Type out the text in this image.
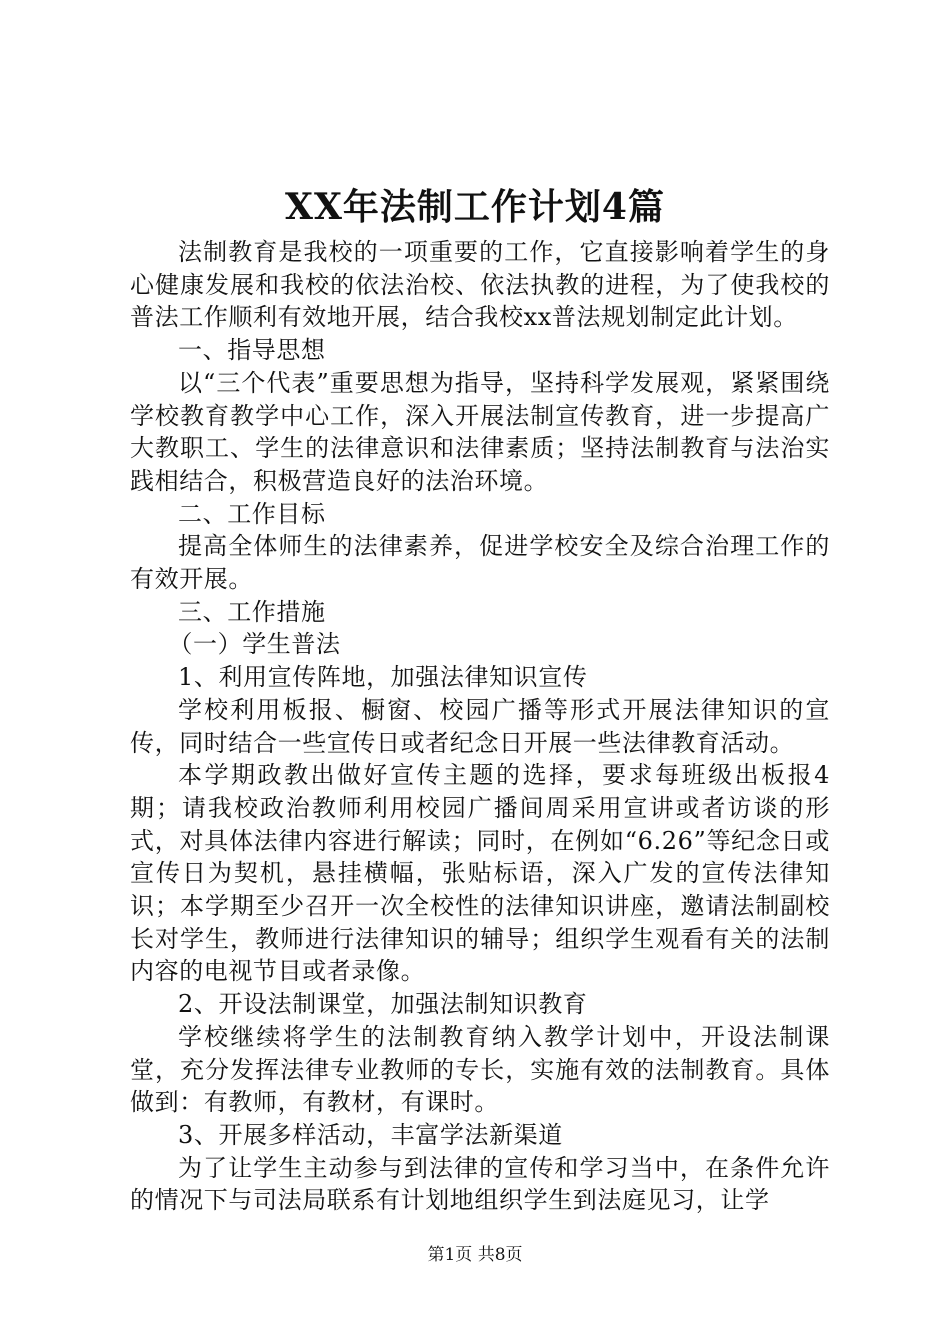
XX年法制工作计划4篇

法制教育是我校的一项重要的工作，它直接影响着学生的身心健康发展和我校的依法治校、依法执教的进程，为了使我校的普法工作顺利有效地开展，结合我校xx普法规划制定此计划。

一、指导思想

以“三个代表”重要思想为指导，坚持科学发展观，紧紧围绕学校教育教学中心工作，深入开展法制宣传教育，进一步提高广大教职工、学生的法律意识和法律素质；坚持法制教育与法治实践相结合，积极营造良好的法治环境。

二、工作目标

提高全体师生的法律素养，促进学校安全及综合治理工作的有效开展。

三、工作措施

（一）学生普法

1、利用宣传阵地，加强法律知识宣传

学校利用板报、橱窗、校园广播等形式开展法律知识的宣传，同时结合一些宣传日或者纪念日开展一些法律教育活动。

本学期政教出做好宣传主题的选择，要求每班级出板报4期；请我校政治教师利用校园广播间周采用宣讲或者访谈的形式，对具体法律内容进行解读；同时，在例如“6.26”等纪念日或宣传日为契机，悬挂横幅，张贴标语，深入广发的宣传法律知识；本学期至少召开一次全校性的法律知识讲座，邀请法制副校长对学生，教师进行法律知识的辅导；组织学生观看有关的法制内容的电视节目或者录像。

2、开设法制课堂，加强法制知识教育

学校继续将学生的法制教育纳入教学计划中，开设法制课堂，充分发挥法律专业教师的专长，实施有效的法制教育。具体做到：有教师，有教材，有课时。

3、开展多样活动，丰富学法新渠道

为了让学生主动参与到法律的宣传和学习当中，在条件允许的情况下与司法局联系有计划地组织学生到法庭见习，让学

第1页 共8页
